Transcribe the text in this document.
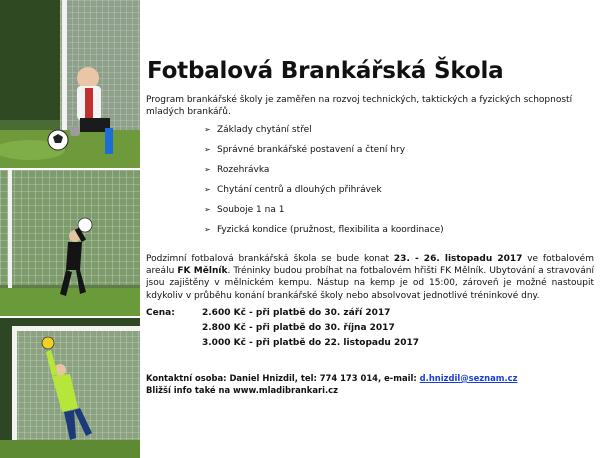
Fotbalová Brankářská Škola
Program brankářské školy je zaměřen na rozvoj technických, taktických a fyzických schopností mladých brankářů.
➢ Základy chytání střel
➢ Správné brankářské postavení a čtení hry
➢ Rozehrávka
➢ Chytání centrů a dlouhých přihrávek
➢ Souboje 1 na 1
➢ Fyzická kondice (pružnost, flexibilita a koordinace)
Podzimní fotbalová brankářská škola se bude konat 23. - 26. listopadu 2017 ve fotbalovém areálu FK Mělník. Tréninky budou probíhat na fotbalovém hřišti FK Mělník. Ubytování a stravování jsou zajištěny v mělnickém kempu. Nástup na kemp je od 15:00, zároveň je možné nastoupit kdykoliv v průběhu konání brankářské školy nebo absolvovat jednotlivé tréninkové dny.
Cena:	2.600 Kč - při platbě do 30. září 2017
2.800 Kč - při platbě do 30. října 2017
3.000 Kč - při platbě do 22. listopadu 2017
Kontaktní osoba: Daniel Hnizdil, tel: 774 173 014, e-mail: d.hnizdil@seznam.cz
Bližší info také na www.mladibrankari.cz
